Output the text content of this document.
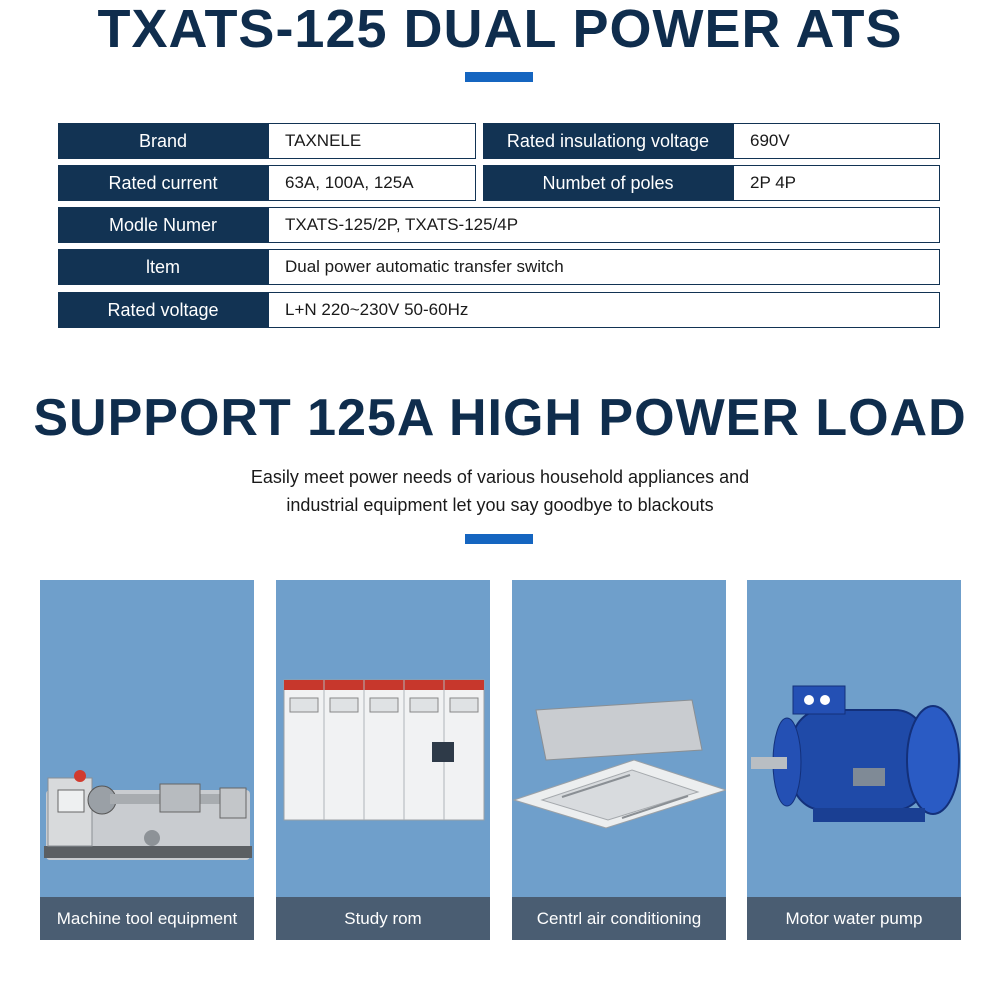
TXATS-125 DUAL POWER ATS
Brand	TAXNELE	Rated insulationg voltage	690V
Rated current	63A, 100A, 125A	Numbet of poles	2P 4P
Modle Numer	TXATS-125/2P, TXATS-125/4P
ltem	Dual power automatic transfer switch
Rated voltage	L+N 220~230V 50-60Hz
SUPPORT 125A HIGH POWER LOAD
Easily meet power needs of various household appliances and
industrial equipment let you say goodbye to blackouts
Machine tool equipment	Study rom	Centrl air conditioning	Motor water pump
